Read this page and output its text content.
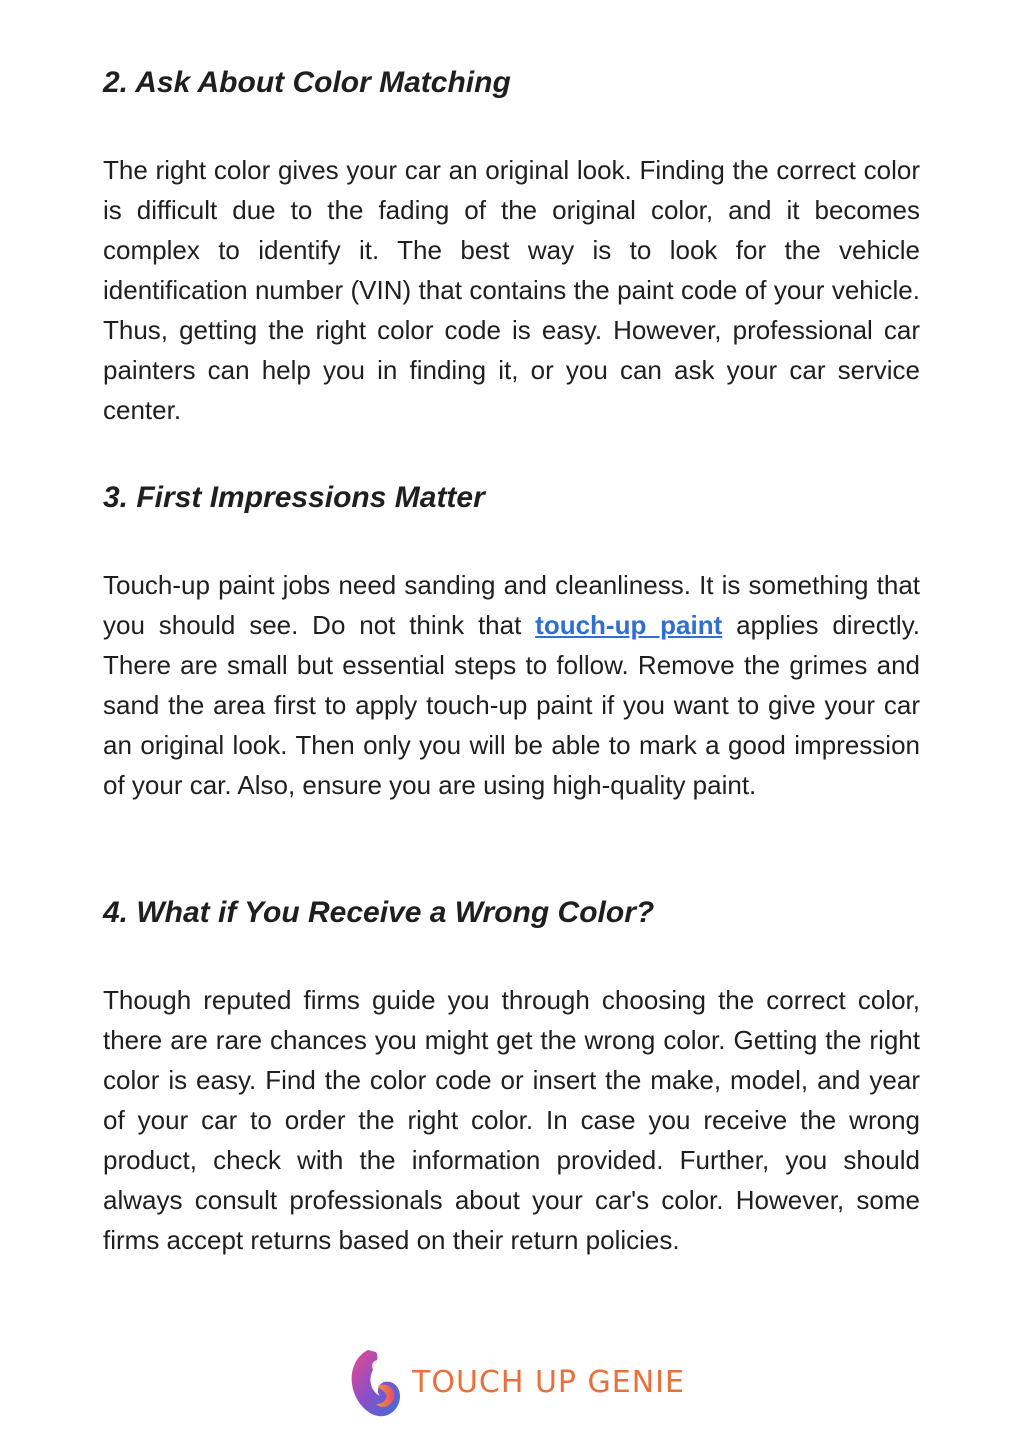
2. Ask About Color Matching

The right color gives your car an original look. Finding the correct color is difficult due to the fading of the original color, and it becomes complex to identify it. The best way is to look for the vehicle identification number (VIN) that contains the paint code of your vehicle. Thus, getting the right color code is easy. However, professional car painters can help you in finding it, or you can ask your car service center.

3. First Impressions Matter

Touch-up paint jobs need sanding and cleanliness. It is something that you should see. Do not think that touch-up paint applies directly. There are small but essential steps to follow. Remove the grimes and sand the area first to apply touch-up paint if you want to give your car an original look. Then only you will be able to mark a good impression of your car. Also, ensure you are using high-quality paint.

4. What if You Receive a Wrong Color?

Though reputed firms guide you through choosing the correct color, there are rare chances you might get the wrong color. Getting the right color is easy. Find the color code or insert the make, model, and year of your car to order the right color. In case you receive the wrong product, check with the information provided. Further, you should always consult professionals about your car's color. However, some firms accept returns based on their return policies.

TOUCH UP GENIE
